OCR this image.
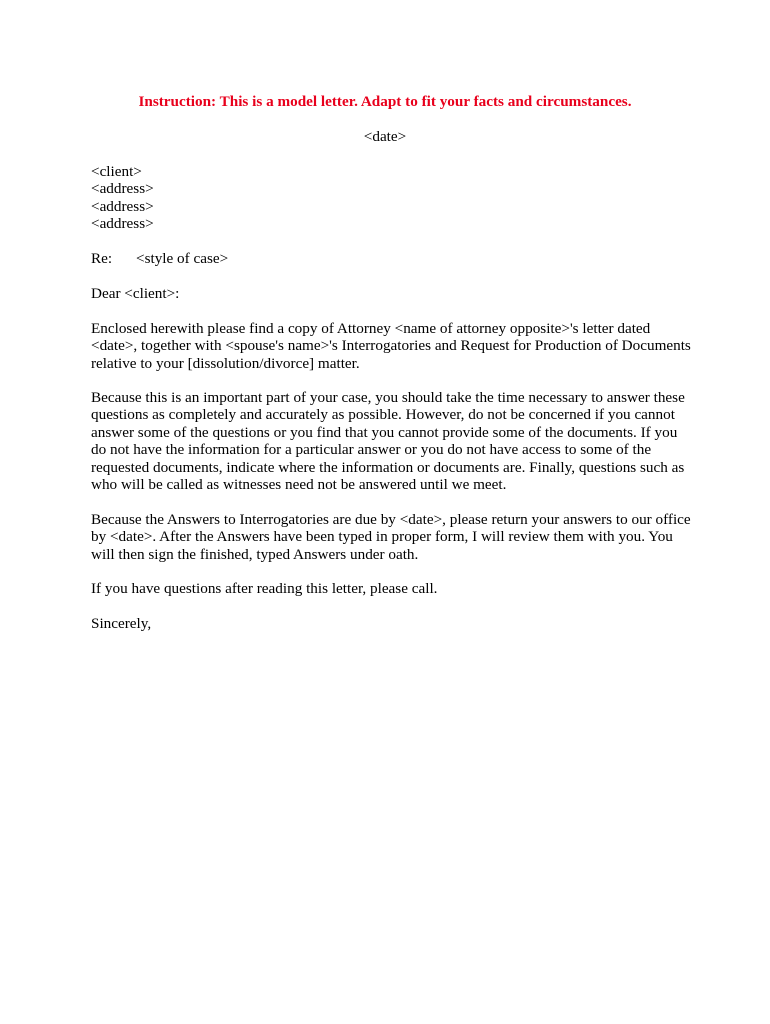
Instruction: This is a model letter. Adapt to fit your facts and circumstances.
<date>
<client>
<address>
<address>
<address>
Re: <style of case>
Dear <client>:
Enclosed herewith please find a copy of Attorney <name of attorney opposite>'s letter dated <date>, together with <spouse's name>'s Interrogatories and Request for Production of Documents relative to your [dissolution/divorce] matter.
Because this is an important part of your case, you should take the time necessary to answer these questions as completely and accurately as possible. However, do not be concerned if you cannot answer some of the questions or you find that you cannot provide some of the documents. If you do not have the information for a particular answer or you do not have access to some of the requested documents, indicate where the information or documents are. Finally, questions such as who will be called as witnesses need not be answered until we meet.
Because the Answers to Interrogatories are due by <date>, please return your answers to our office by <date>. After the Answers have been typed in proper form, I will review them with you. You will then sign the finished, typed Answers under oath.
If you have questions after reading this letter, please call.
Sincerely,
